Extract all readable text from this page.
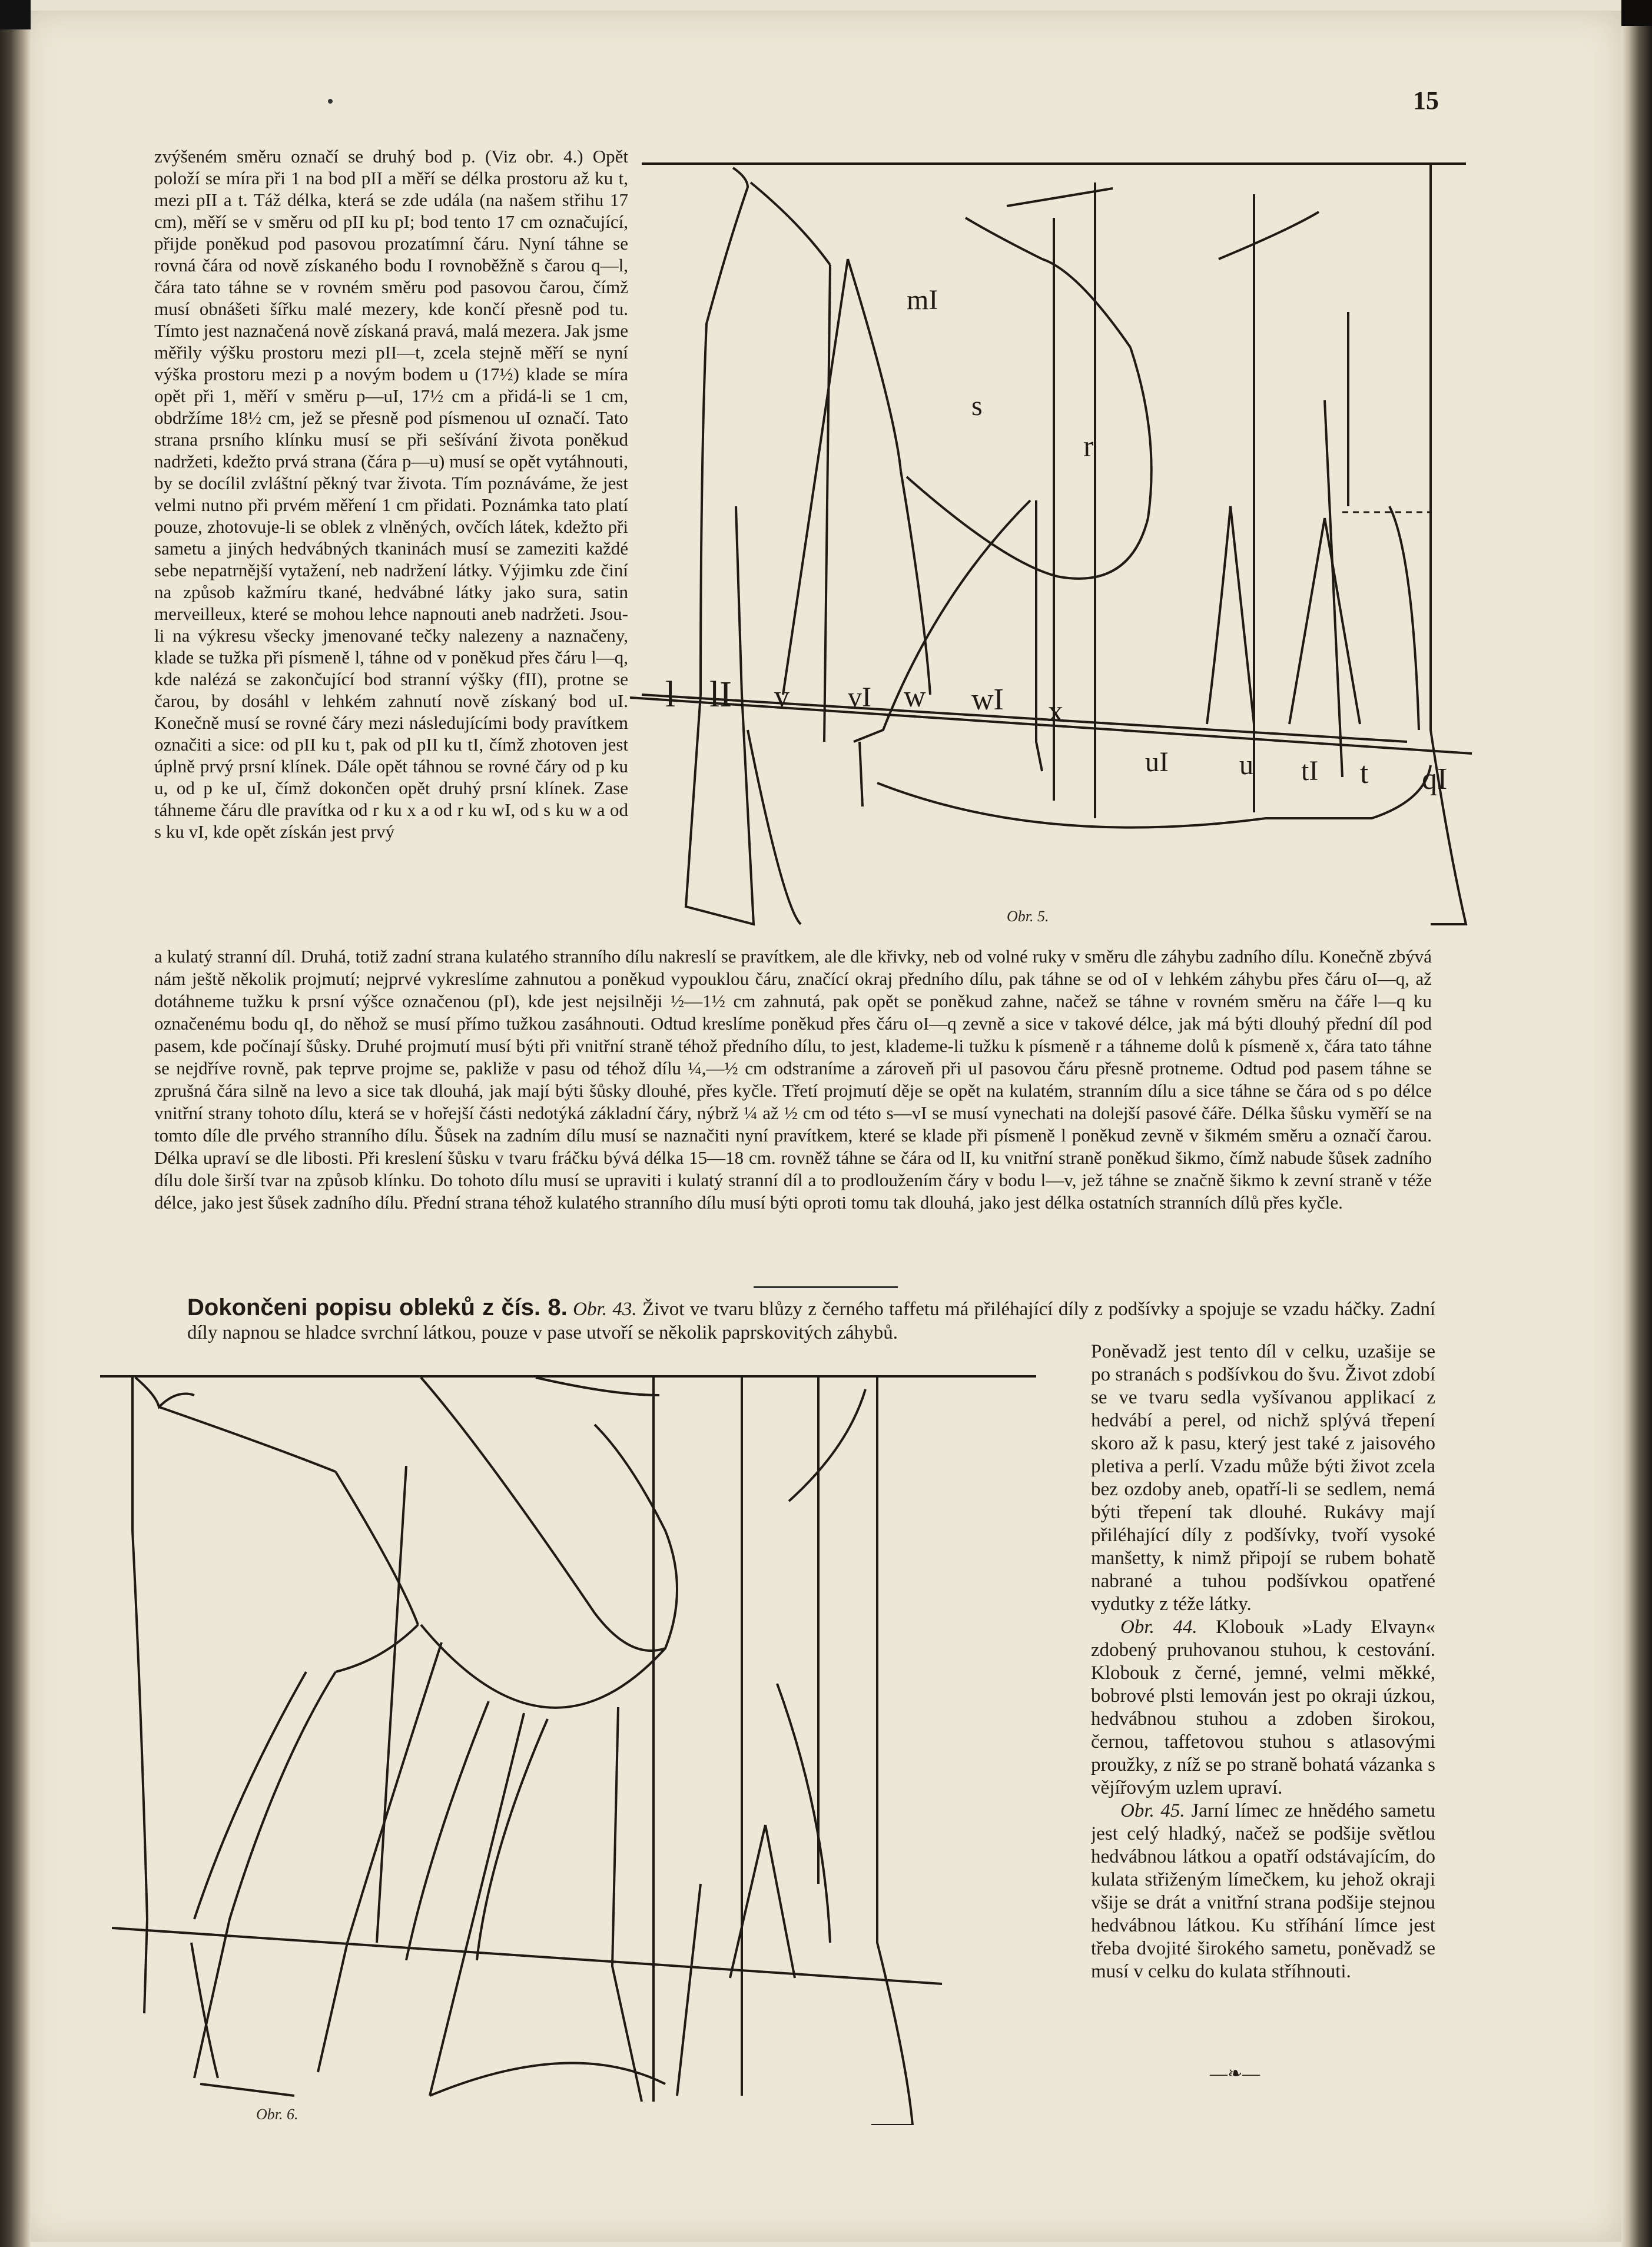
15

zvýšeném směru označí se druhý bod p. (Viz obr. 4.) Opět položí se míra při 1 na bod pII a měří se délka prostoru až ku t, mezi pII a t. Táž délka, která se zde udála (na našem střihu 17 cm), měří se v směru od pII ku pI; bod tento 17 cm označující, přijde poněkud pod pasovou prozatímní čáru. Nyní táhne se rovná čára od nově získaného bodu I rovnoběžně s čarou q—l, čára tato táhne se v rovném směru pod pasovou čarou, čímž musí obnášeti šířku malé mezery, kde končí přesně pod tu. Tímto jest naznačená nově získaná pravá, malá mezera. Jak jsme měřily výšku prostoru mezi pII—t, zcela stejně měří se nyní výška prostoru mezi p a novým bodem u (17½) klade se míra opět při 1, měří v směru p—uI, 17½ cm a přidá-li se 1 cm, obdržíme 18½ cm, jež se přesně pod písmenou uI označí. Tato strana prsního klínku musí se při sešívání života poněkud nadržeti, kdežto prvá strana (čára p—u) musí se opět vytáhnouti, by se docílil zvláštní pěkný tvar života. Tím poznáváme, že jest velmi nutno při prvém měření 1 cm přidati. Poznámka tato platí pouze, zhotovuje-li se oblek z vlněných, ovčích látek, kdežto při sametu a jiných hedvábných tkaninách musí se zameziti každé sebe nepatrnější vytažení, neb nadržení látky. Výjimku zde činí na způsob kažmíru tkané, hedvábné látky jako sura, satin merveilleux, které se mohou lehce napnouti aneb nadržeti. Jsou-li na výkresu všecky jmenované tečky nalezeny a naznačeny, klade se tužka při písmeně l, táhne od v poněkud přes čáru l—q, kde nalézá se zakončující bod stranní výšky (fII), protne se čarou, by dosáhl v lehkém zahnutí nově získaný bod uI. Konečně musí se rovné čáry mezi následujícími body pravítkem označiti a sice: od pII ku t, pak od pII ku tI, čímž zhotoven jest úplně prvý prsní klínek. Dále opět táhnou se rovné čáry od p ku u, od p ke uI, čímž dokončen opět druhý prsní klínek. Zase táhneme čáru dle pravítka od r ku x a od r ku wI, od s ku w a od s ku vI, kde opět získán jest prvý

mI
s
r
l lI v vI w wI x
uI	u tI t qI
Obr. 5.

a kulatý stranní díl. Druhá, totiž zadní strana kulatého stranního dílu nakreslí se pravítkem, ale dle křivky, neb od volné ruky v směru dle záhybu zadního dílu. Konečně zbývá nám ještě několik projmutí; nejprvé vykreslíme zahnutou a poněkud vypouklou čáru, značící okraj předního dílu, pak táhne se od oI v lehkém záhybu přes čáru oI—q, až dotáhneme tužku k prsní výšce označenou (pI), kde jest nejsilněji ½—1½ cm zahnutá, pak opět se poněkud zahne, načež se táhne v rovném směru na čáře l—q ku označenému bodu qI, do něhož se musí přímo tužkou zasáhnouti. Odtud kreslíme poněkud přes čáru oI—q zevně a sice v takové délce, jak má býti dlouhý přední díl pod pasem, kde počínají šůsky. Druhé projmutí musí býti při vnitřní straně téhož předního dílu, to jest, klademe-li tužku k písmeně r a táhneme dolů k písmeně x, čára tato táhne se nejdříve rovně, pak teprve projme se, pakliže v pasu od téhož dílu ¼,—½ cm odstraníme a zároveň při uI pasovou čáru přesně protneme. Odtud pod pasem táhne se zprušná čára silně na levo a sice tak dlouhá, jak mají býti šůsky dlouhé, přes kyčle. Třetí projmutí děje se opět na kulatém, stranním dílu a sice táhne se čára od s po délce vnitřní strany tohoto dílu, která se v hořejší části nedotýká základní čáry, nýbrž ¼ až ½ cm od této s—vI se musí vynechati na dolejší pasové čáře. Délka šůsku vyměří se na tomto díle dle prvého stranního dílu. Šůsek na zadním dílu musí se naznačiti nyní pravítkem, které se klade při písmeně l poněkud zevně v šikmém směru a označí čarou. Délka upraví se dle libosti. Při kreslení šůsku v tvaru fráčku bývá délka 15—18 cm. rovněž táhne se čára od lI, ku vnitřní straně poněkud šikmo, čímž nabude šůsek zadního dílu dole širší tvar na způsob klínku. Do tohoto dílu musí se upraviti i kulatý stranní díl a to prodloužením čáry v bodu l—v, jež táhne se značně šikmo k zevní straně v téže délce, jako jest šůsek zadního dílu. Přední strana téhož kulatého stranního dílu musí býti oproti tomu tak dlouhá, jako jest délka ostatních stranních dílů přes kyčle.

Dokončeni popisu obleků z čís. 8. Obr. 43. Život ve tvaru blůzy z černého taffetu má přiléhající díly z podšívky a spojuje se vzadu háčky. Zadní díly napnou se hladce svrchní látkou, pouze v pase utvoří se několik paprskovitých záhybů.
Obr. 6.

Poněvadž jest tento díl v celku, uzašije se po stranách s podšívkou do švu. Život zdobí se ve tvaru sedla vyšívanou applikací z hedvábí a perel, od nichž splývá třepení skoro až k pasu, který jest také z jaisového pletiva a perlí. Vzadu může býti život zcela bez ozdoby aneb, opatří-li se sedlem, nemá býti třepení tak dlouhé. Rukávy mají přiléhající díly z podšívky, tvoří vysoké manšetty, k nimž připojí se rubem bohatě nabrané a tuhou podšívkou opatřené vydutky z téže látky.

Obr. 44. Klobouk »Lady Elvayn« zdobený pruhovanou stuhou, k cestování. Klobouk z černé, jemné, velmi měkké, bobrové plsti lemován jest po okraji úzkou, hedvábnou stuhou a zdoben širokou, černou, taffetovou stuhou s atlasovými proužky, z níž se po straně bohatá vázanka s vějířovým uzlem upraví.

Obr. 45. Jarní límec ze hnědého sametu jest celý hladký, načež se podšije světlou hedvábnou látkou a opatří odstávajícím, do kulata střiženým límečkem, ku jehož okraji všije se drát a vnitřní strana podšije stejnou hedvábnou látkou. Ku stříhání límce jest třeba dvojité širokého sametu, poněvadž se musí v celku do kulata stříhnouti.

—❧—
